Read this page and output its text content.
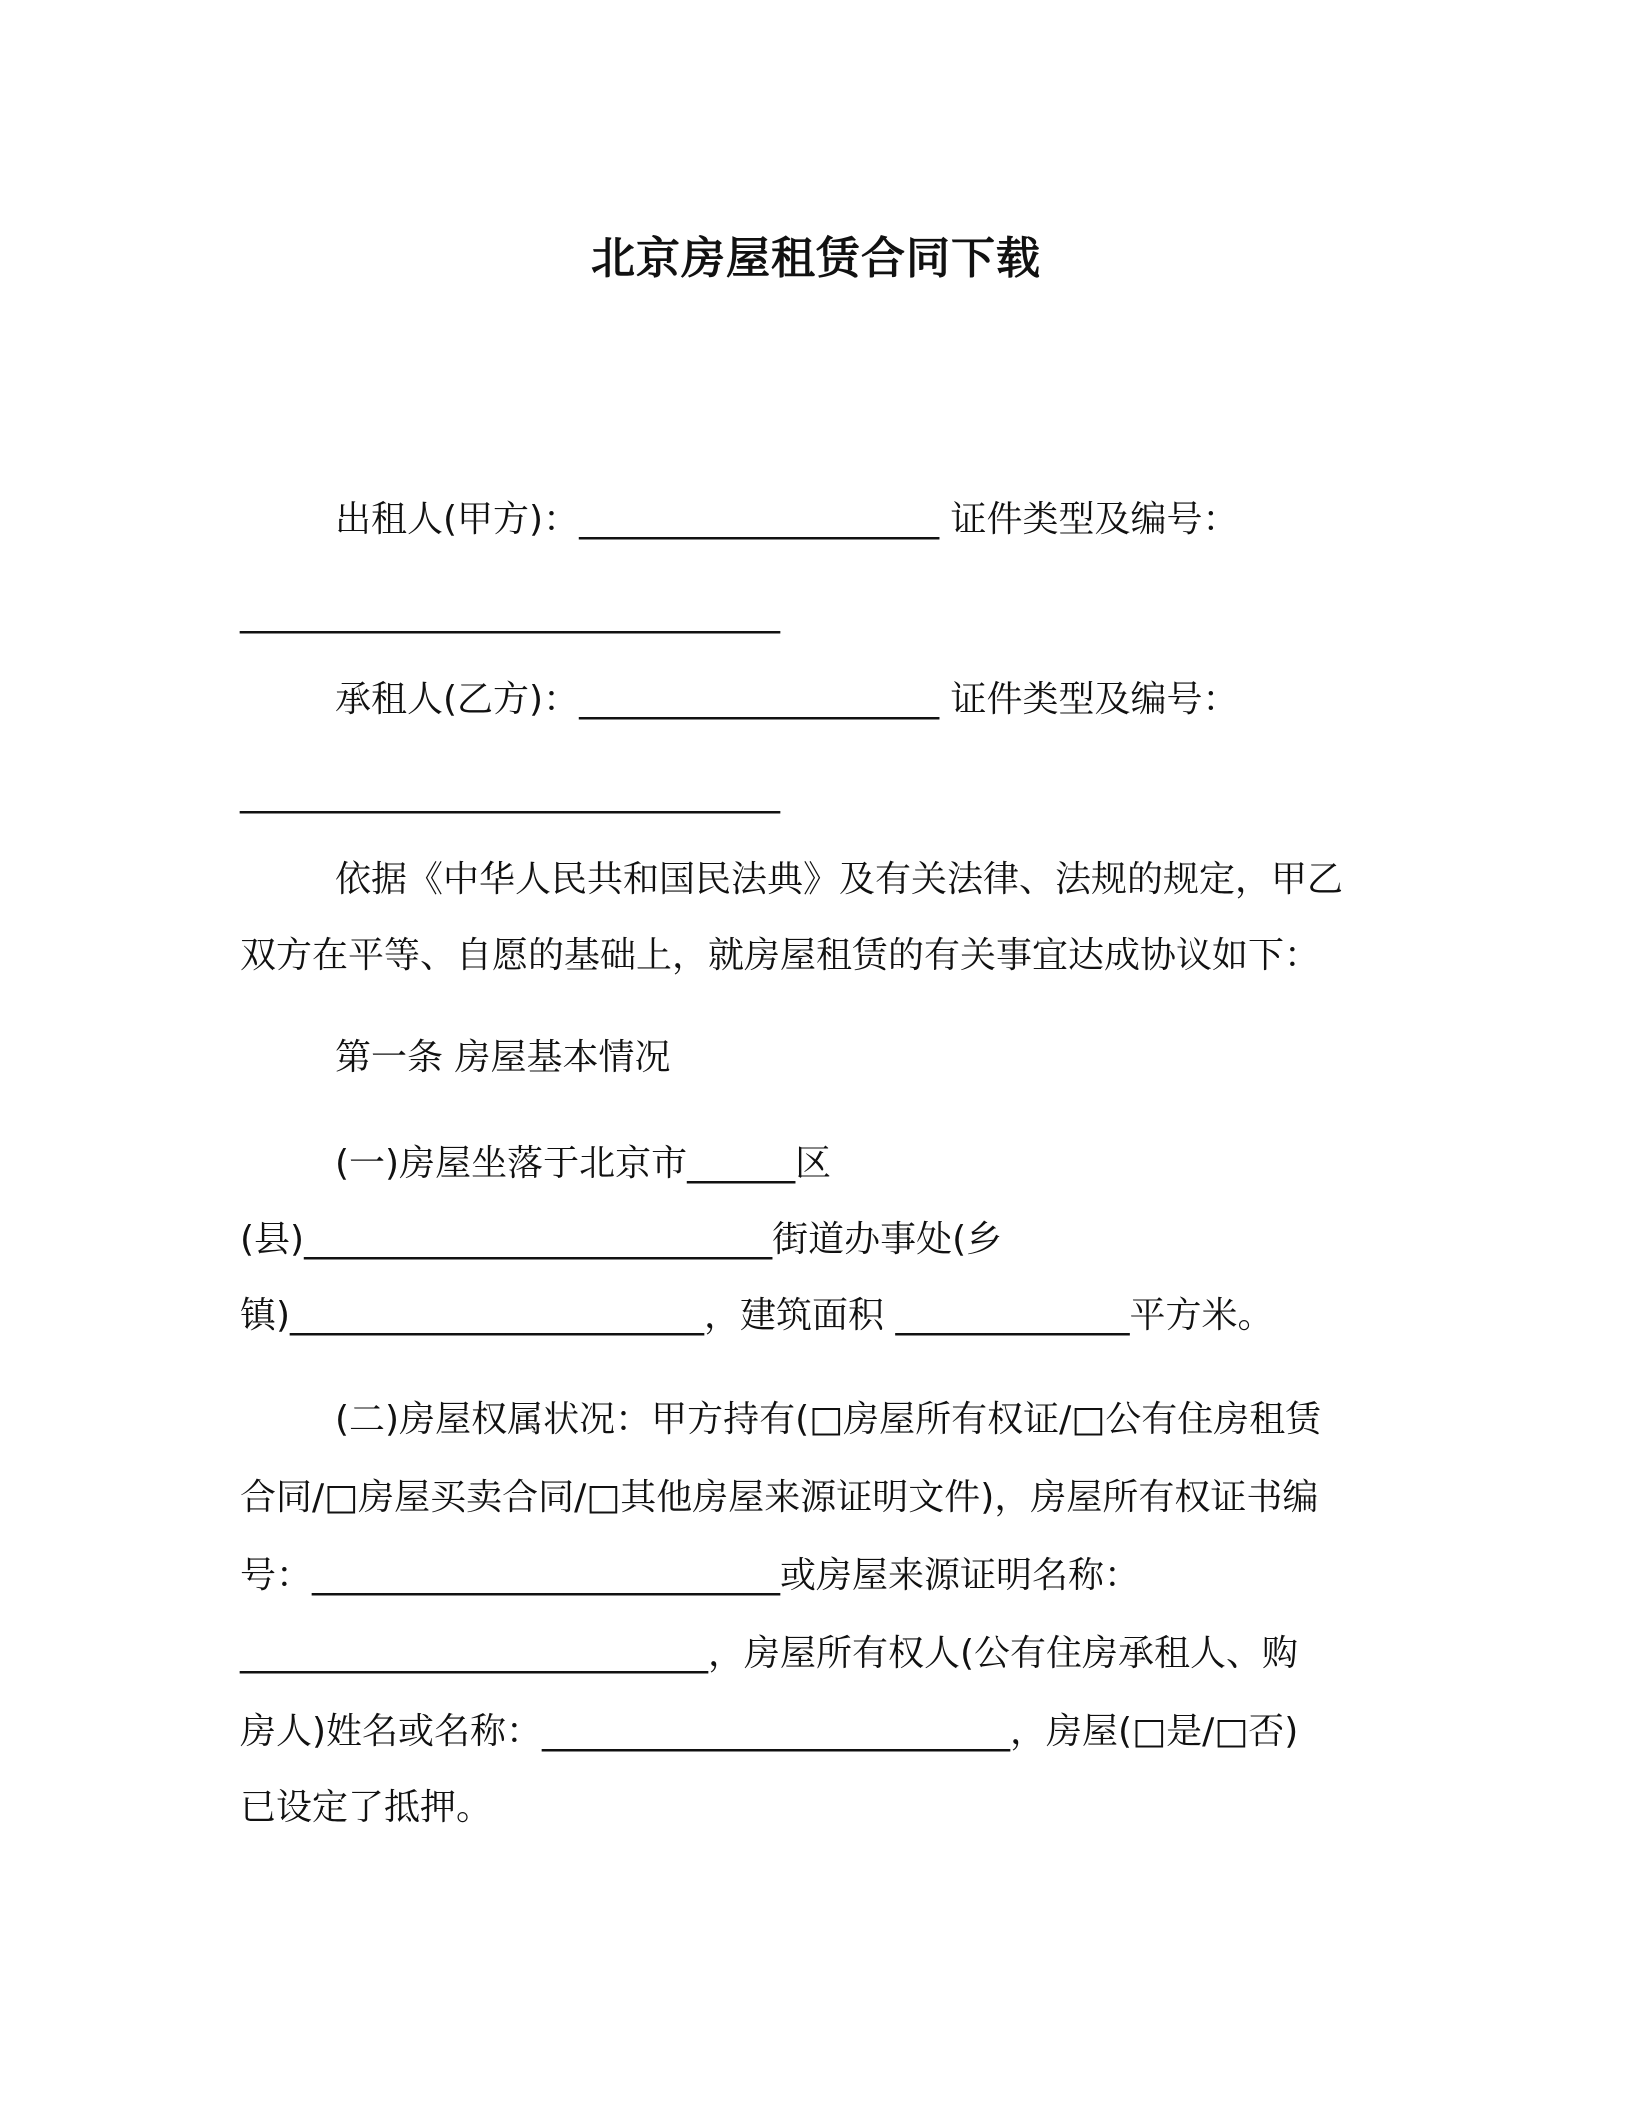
北京房屋租赁合同下载
出租人(甲方)：____________________ 证件类型及编号：
______________________________
承租人(乙方)：____________________ 证件类型及编号：
______________________________
依据《中华人民共和国民法典》及有关法律、法规的规定，甲乙
双方在平等、自愿的基础上，就房屋租赁的有关事宜达成协议如下：
第一条 房屋基本情况
(一)房屋坐落于北京市______区
(县)__________________________街道办事处(乡
镇)_______________________，建筑面积 _____________平方米。
(二)房屋权属状况：甲方持有(□房屋所有权证/□公有住房租赁
合同/□房屋买卖合同/□其他房屋来源证明文件)，房屋所有权证书编
号：__________________________或房屋来源证明名称：
__________________________，房屋所有权人(公有住房承租人、购
房人)姓名或名称：__________________________，房屋(□是/□否)
已设定了抵押。
